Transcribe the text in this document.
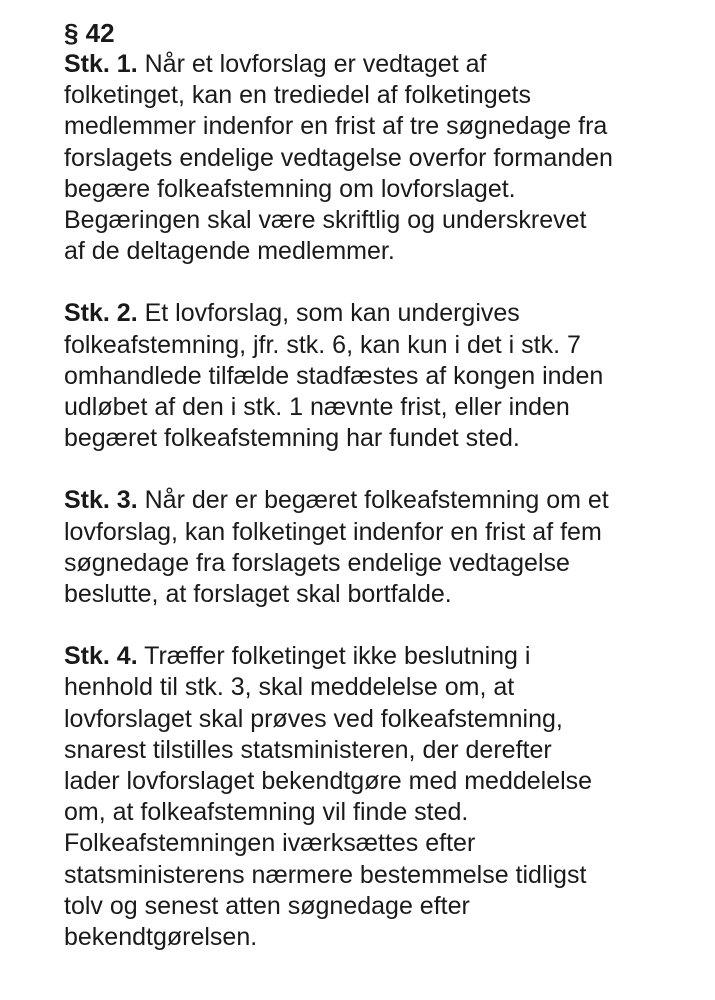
§ 42

Stk. 1. Når et lovforslag er vedtaget af
folketinget, kan en trediedel af folketingets
medlemmer indenfor en frist af tre søgnedage fra
forslagets endelige vedtagelse overfor formanden
begære folkeafstemning om lovforslaget.
Begæringen skal være skriftlig og underskrevet
af de deltagende medlemmer.

Stk. 2. Et lovforslag, som kan undergives
folkeafstemning, jfr. stk. 6, kan kun i det i stk. 7
omhandlede tilfælde stadfæstes af kongen inden
udløbet af den i stk. 1 nævnte frist, eller inden
begæret folkeafstemning har fundet sted.

Stk. 3. Når der er begæret folkeafstemning om et
lovforslag, kan folketinget indenfor en frist af fem
søgnedage fra forslagets endelige vedtagelse
beslutte, at forslaget skal bortfalde.

Stk. 4. Træffer folketinget ikke beslutning i
henhold til stk. 3, skal meddelelse om, at
lovforslaget skal prøves ved folkeafstemning,
snarest tilstilles statsministeren, der derefter
lader lovforslaget bekendtgøre med meddelelse
om, at folkeafstemning vil finde sted.
Folkeafstemningen iværksættes efter
statsministerens nærmere bestemmelse tidligst
tolv og senest atten søgnedage efter
bekendtgørelsen.
